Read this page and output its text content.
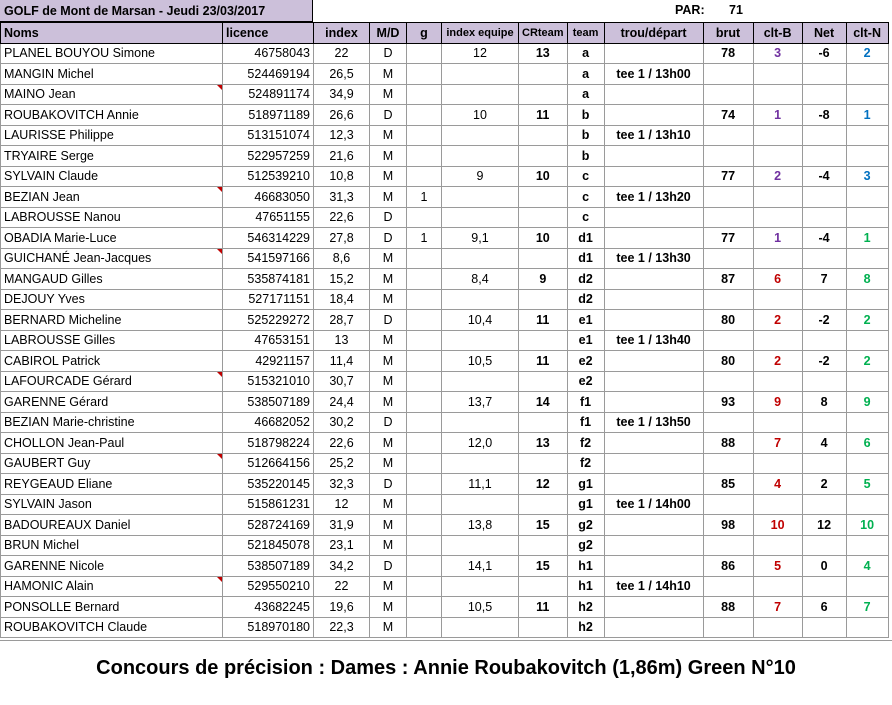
GOLF de Mont de Marsan - Jeudi 23/03/2017	PAR: 71
Noms	licence	index	M/D	g	index equipe	CRteam	team	trou/départ	brut	clt-B	Net	clt-N
PLANEL BOUYOU Simone	46758043	22	D		12	13	a		78	3	-6	2
MANGIN Michel	524469194	26,5	M				a	tee 1 / 13h00				
MAINO Jean	524891174	34,9	M				a					
ROUBAKOVITCH Annie	518971189	26,6	D		10	11	b		74	1	-8	1
LAURISSE Philippe	513151074	12,3	M				b	tee 1 / 13h10				
TRYAIRE Serge	522957259	21,6	M				b					
SYLVAIN Claude	512539210	10,8	M		9	10	c		77	2	-4	3
BEZIAN Jean	46683050	31,3	M	1			c	tee 1 / 13h20				
LABROUSSE Nanou	47651155	22,6	D				c					
OBADIA Marie-Luce	546314229	27,8	D	1	9,1	10	d1		77	1	-4	1
GUICHANÉ Jean-Jacques	541597166	8,6	M				d1	tee 1 / 13h30				
MANGAUD Gilles	535874181	15,2	M		8,4	9	d2		87	6	7	8
DEJOUY Yves	527171151	18,4	M				d2					
BERNARD Micheline	525229272	28,7	D		10,4	11	e1		80	2	-2	2
LABROUSSE Gilles	47653151	13	M				e1	tee 1 / 13h40				
CABIROL Patrick	42921157	11,4	M		10,5	11	e2		80	2	-2	2
LAFOURCADE Gérard	515321010	30,7	M				e2					
GARENNE Gérard	538507189	24,4	M		13,7	14	f1		93	9	8	9
BEZIAN Marie-christine	46682052	30,2	D				f1	tee 1 / 13h50				
CHOLLON Jean-Paul	518798224	22,6	M		12,0	13	f2		88	7	4	6
GAUBERT Guy	512664156	25,2	M				f2					
REYGEAUD Eliane	535220145	32,3	D		11,1	12	g1		85	4	2	5
SYLVAIN Jason	515861231	12	M				g1	tee 1 / 14h00				
BADOUREAUX Daniel	528724169	31,9	M		13,8	15	g2		98	10	12	10
BRUN Michel	521845078	23,1	M				g2					
GARENNE Nicole	538507189	34,2	D		14,1	15	h1		86	5	0	4
HAMONIC Alain	529550210	22	M				h1	tee 1 / 14h10				
PONSOLLE Bernard	43682245	19,6	M		10,5	11	h2		88	7	6	7
ROUBAKOVITCH Claude	518970180	22,3	M				h2					
Concours de précision : Dames : Annie Roubakovitch (1,86m) Green N°10
